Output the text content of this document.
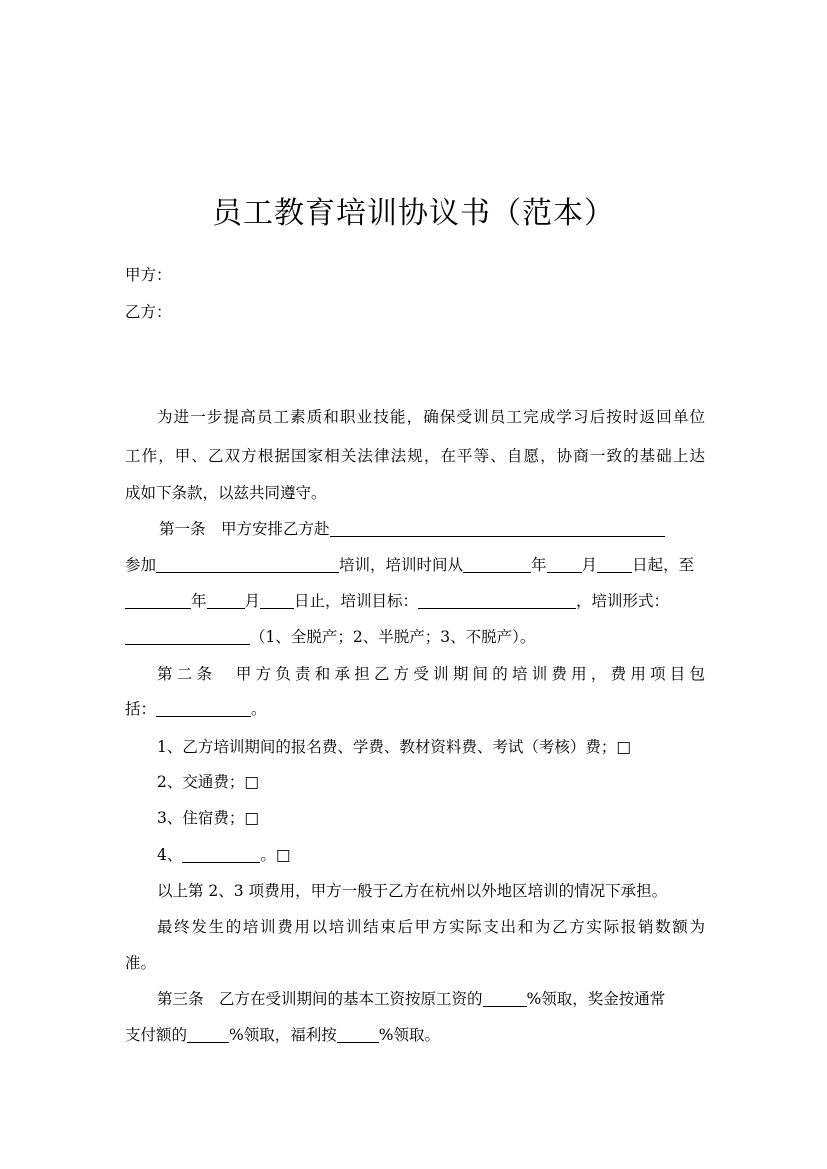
员工教育培训协议书（范本）
甲方：
乙方：
为进一步提高员工素质和职业技能，确保受训员工完成学习后按时返回单位
工作，甲、乙双方根据国家相关法律法规，在平等、自愿，协商一致的基础上达
成如下条款，以兹共同遵守。
第一条　甲方安排乙方赴
参加	培训，培训时间从	年 月 日起，至
年 月 日止，培训目标：	，培训形式：
（1、全脱产；2、半脱产；3、不脱产）。
第二条　甲方负责和承担乙方受训期间的培训费用，费用项目包
括：	。
1、乙方培训期间的报名费、学费、教材资料费、考试（考核）费；□
2、交通费；□
3、住宿费；□
4、	。□
以上第 2、3 项费用，甲方一般于乙方在杭州以外地区培训的情况下承担。
最终发生的培训费用以培训结束后甲方实际支出和为乙方实际报销数额为
准。
第三条　乙方在受训期间的基本工资按原工资的	%领取，奖金按通常
支付额的	%领取，福利按	%领取。
